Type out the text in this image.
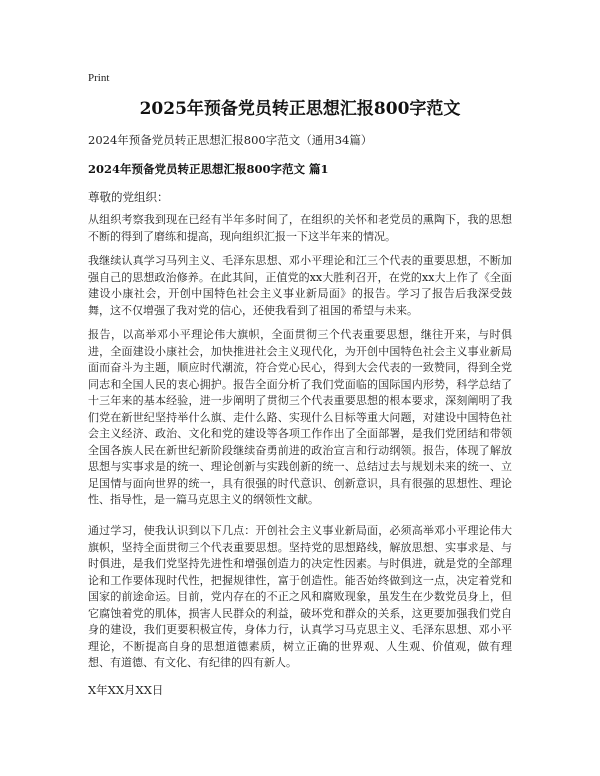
Print
2025年预备党员转正思想汇报800字范文
2024年预备党员转正思想汇报800字范文（通用34篇）
2024年预备党员转正思想汇报800字范文 篇1
尊敬的党组织：

从组织考察我到现在已经有半年多时间了，在组织的关怀和老党员的熏陶下，我的思想不断的得到了磨练和提高，现向组织汇报一下这半年来的情况。

我继续认真学习马列主义、毛泽东思想、邓小平理论和江三个代表的重要思想，不断加强自己的思想政治修养。在此其间，正值党的xx大胜利召开，在党的xx大上作了《全面建设小康社会，开创中国特色社会主义事业新局面》的报告。学习了报告后我深受鼓舞，这不仅增强了我对党的信心，还使我看到了祖国的希望与未来。

报告，以高举邓小平理论伟大旗帜，全面贯彻三个代表重要思想，继往开来，与时俱进，全面建设小康社会，加快推进社会主义现代化，为开创中国特色社会主义事业新局面而奋斗为主题，顺应时代潮流，符合党心民心，得到大会代表的一致赞同，得到全党同志和全国人民的衷心拥护。报告全面分析了我们党面临的国际国内形势，科学总结了十三年来的基本经验，进一步阐明了贯彻三个代表重要思想的根本要求，深刻阐明了我们党在新世纪坚持举什么旗、走什么路、实现什么目标等重大问题，对建设中国特色社会主义经济、政治、文化和党的建设等各项工作作出了全面部署，是我们党团结和带领全国各族人民在新世纪新阶段继续奋勇前进的政治宣言和行动纲领。报告，体现了解放思想与实事求是的统一、理论创新与实践创新的统一、总结过去与规划未来的统一、立足国情与面向世界的统一，具有很强的时代意识、创新意识，具有很强的思想性、理论性、指导性，是一篇马克思主义的纲领性文献。

通过学习，使我认识到以下几点：开创社会主义事业新局面，必须高举邓小平理论伟大旗帜，坚持全面贯彻三个代表重要思想。坚持党的思想路线，解放思想、实事求是、与时俱进，是我们党坚持先进性和增强创造力的决定性因素。与时俱进，就是党的全部理论和工作要体现时代性，把握规律性，富于创造性。能否始终做到这一点，决定着党和国家的前途命运。目前，党内存在的不正之风和腐败现象，虽发生在少数党员身上，但它腐蚀着党的肌体，损害人民群众的利益，破坏党和群众的关系，这更要加强我们党自身的建设，我们更要积极宣传，身体力行，认真学习马克思主义、毛泽东思想、邓小平理论，不断提高自身的思想道德素质，树立正确的世界观、人生观、价值观，做有理想、有道德、有文化、有纪律的四有新人。

X年XX月XX日
